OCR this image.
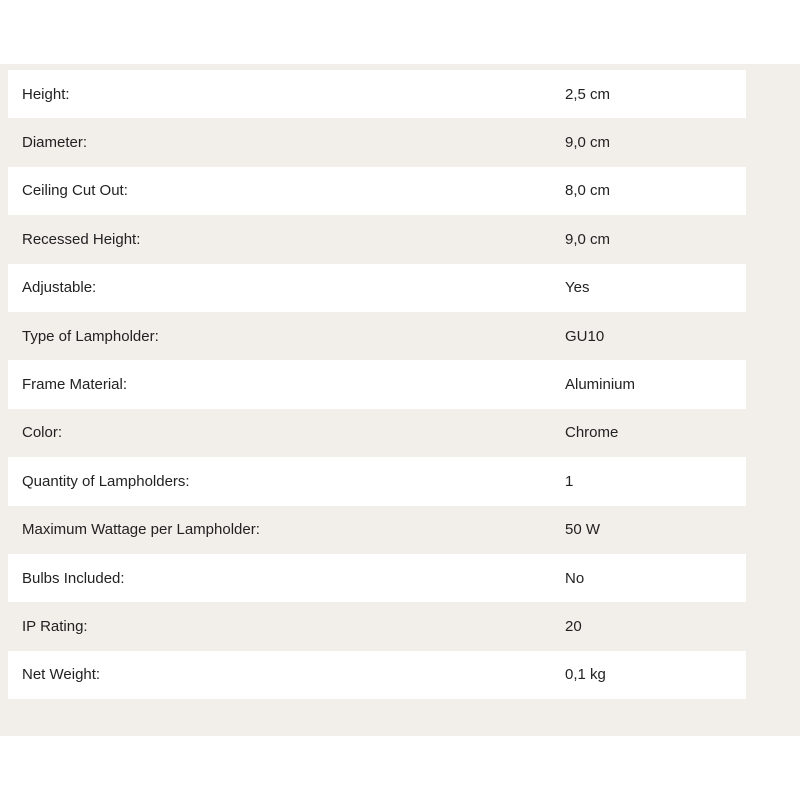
Height:	2,5 cm
Diameter:	9,0 cm
Ceiling Cut Out:	8,0 cm
Recessed Height:	9,0 cm
Adjustable:	Yes
Type of Lampholder:	GU10
Frame Material:	Aluminium
Color:	Chrome
Quantity of Lampholders:	1
Maximum Wattage per Lampholder:	50 W
Bulbs Included:	No
IP Rating:	20
Net Weight:	0,1 kg
